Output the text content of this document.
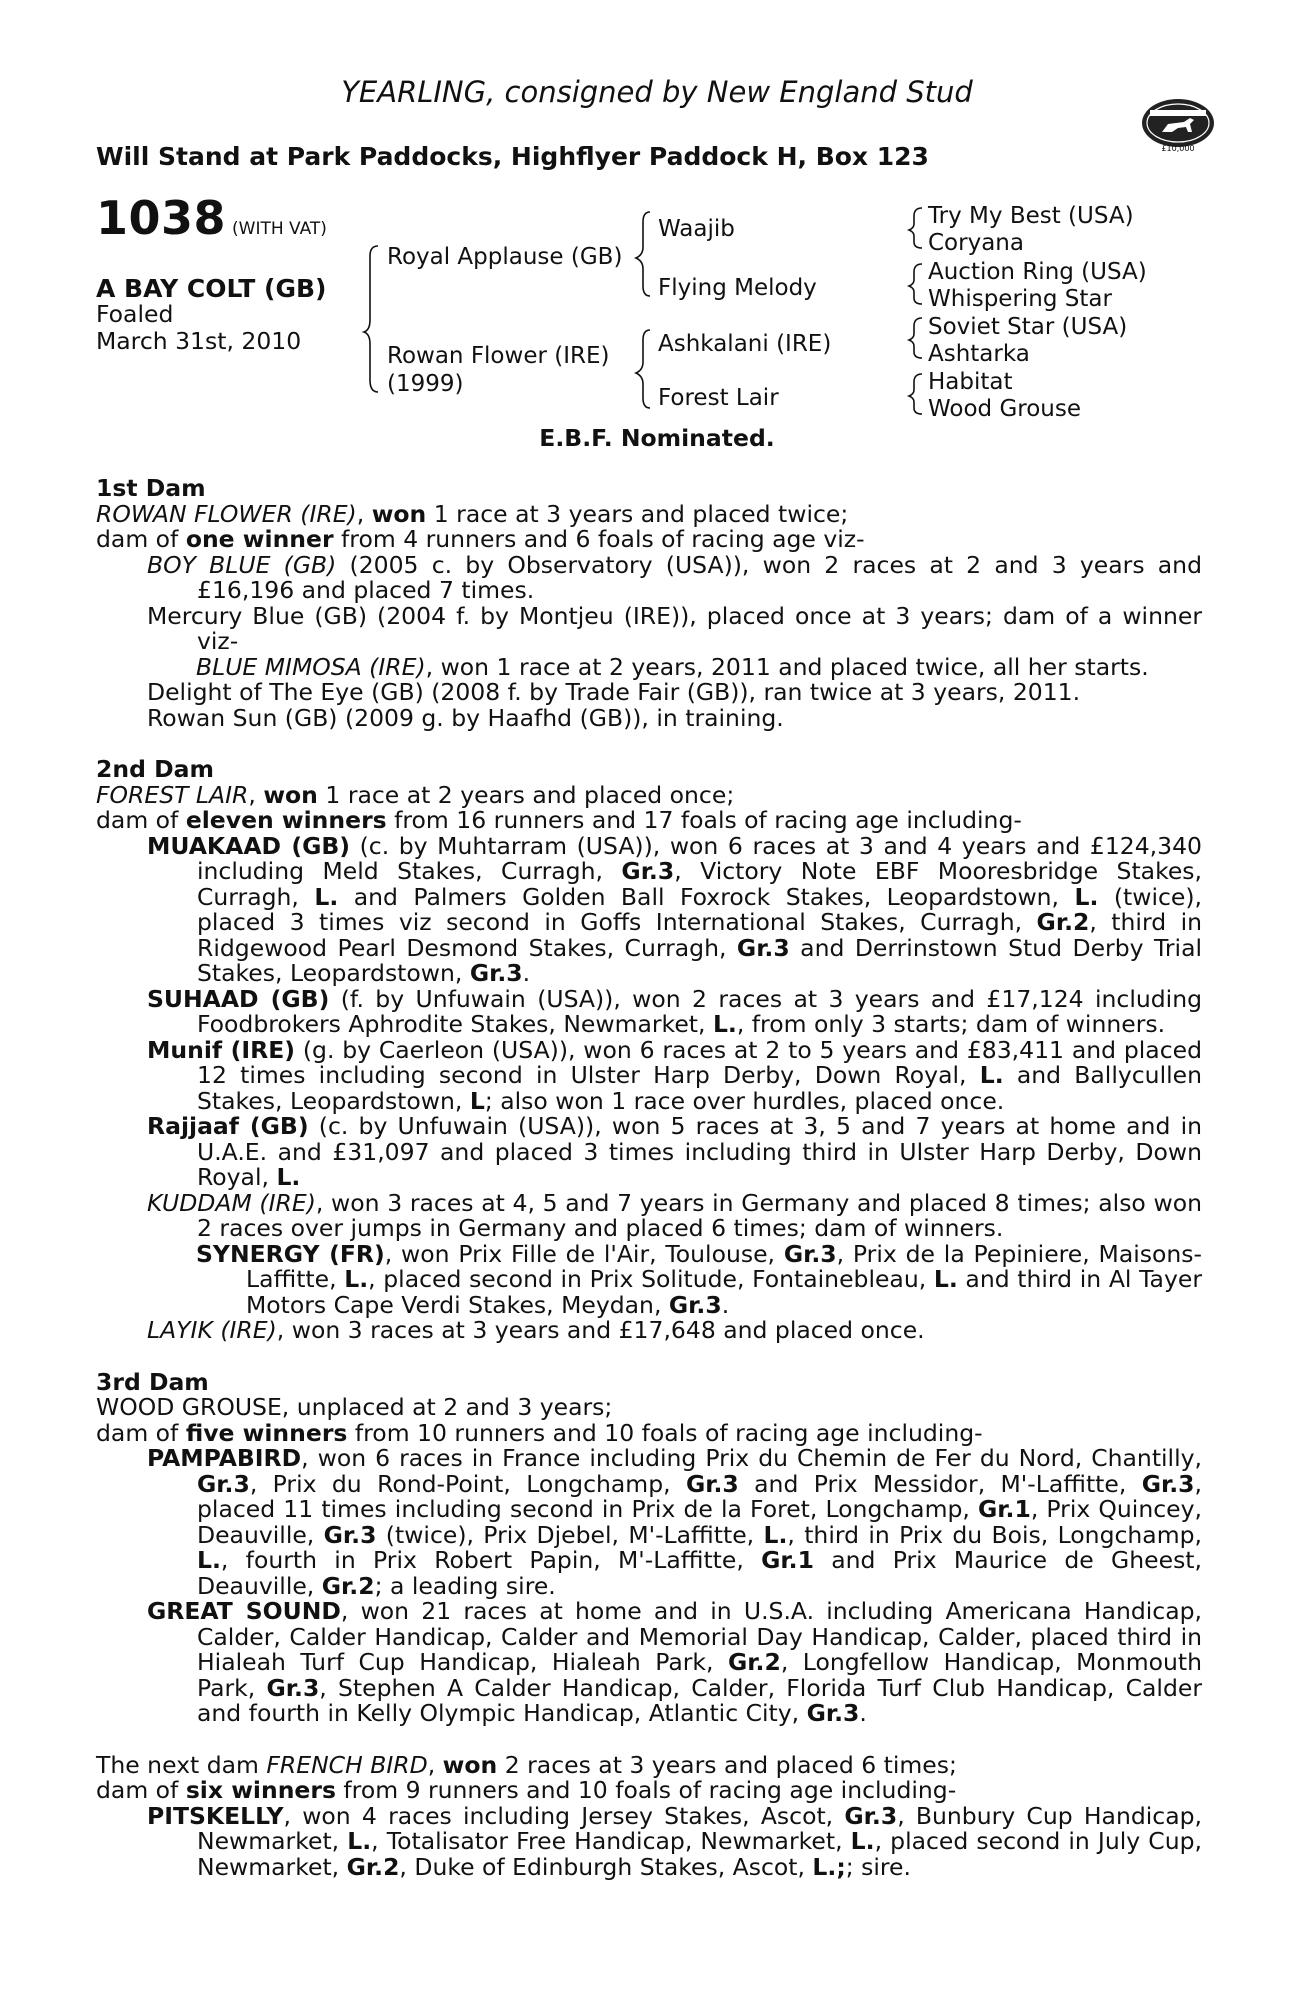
YEARLING, consigned by New England Stud
Will Stand at Park Paddocks, Highflyer Paddock H, Box 123	£10,000
1038 (WITH VAT)
A BAY COLT (GB)
Foaled
March 31st, 2010
Royal Applause (GB)
Rowan Flower (IRE)
(1999)
Waajib
Flying Melody
Ashkalani (IRE)
Forest Lair
Try My Best (USA)
Coryana
Auction Ring (USA)
Whispering Star
Soviet Star (USA)
Ashtarka
Habitat
Wood Grouse
E.B.F. Nominated.
1st Dam
ROWAN FLOWER (IRE), won 1 race at 3 years and placed twice;
dam of one winner from 4 runners and 6 foals of racing age viz-
BOY BLUE (GB) (2005 c. by Observatory (USA)), won 2 races at 2 and 3 years and £16,196 and placed 7 times.
Mercury Blue (GB) (2004 f. by Montjeu (IRE)), placed once at 3 years; dam of a winner viz-
BLUE MIMOSA (IRE), won 1 race at 2 years, 2011 and placed twice, all her starts.
Delight of The Eye (GB) (2008 f. by Trade Fair (GB)), ran twice at 3 years, 2011.
Rowan Sun (GB) (2009 g. by Haafhd (GB)), in training.
2nd Dam
FOREST LAIR, won 1 race at 2 years and placed once;
dam of eleven winners from 16 runners and 17 foals of racing age including-
MUAKAAD (GB) (c. by Muhtarram (USA)), won 6 races at 3 and 4 years and £124,340 including Meld Stakes, Curragh, Gr.3, Victory Note EBF Mooresbridge Stakes, Curragh, L. and Palmers Golden Ball Foxrock Stakes, Leopardstown, L. (twice), placed 3 times viz second in Goffs International Stakes, Curragh, Gr.2, third in Ridgewood Pearl Desmond Stakes, Curragh, Gr.3 and Derrinstown Stud Derby Trial Stakes, Leopardstown, Gr.3.
SUHAAD (GB) (f. by Unfuwain (USA)), won 2 races at 3 years and £17,124 including Foodbrokers Aphrodite Stakes, Newmarket, L., from only 3 starts; dam of winners.
Munif (IRE) (g. by Caerleon (USA)), won 6 races at 2 to 5 years and £83,411 and placed 12 times including second in Ulster Harp Derby, Down Royal, L. and Ballycullen Stakes, Leopardstown, L; also won 1 race over hurdles, placed once.
Rajjaaf (GB) (c. by Unfuwain (USA)), won 5 races at 3, 5 and 7 years at home and in U.A.E. and £31,097 and placed 3 times including third in Ulster Harp Derby, Down Royal, L.
KUDDAM (IRE), won 3 races at 4, 5 and 7 years in Germany and placed 8 times; also won 2 races over jumps in Germany and placed 6 times; dam of winners.
SYNERGY (FR), won Prix Fille de l'Air, Toulouse, Gr.3, Prix de la Pepiniere, Maisons-Laffitte, L., placed second in Prix Solitude, Fontainebleau, L. and third in Al Tayer Motors Cape Verdi Stakes, Meydan, Gr.3.
LAYIK (IRE), won 3 races at 3 years and £17,648 and placed once.
3rd Dam
WOOD GROUSE, unplaced at 2 and 3 years;
dam of five winners from 10 runners and 10 foals of racing age including-
PAMPABIRD, won 6 races in France including Prix du Chemin de Fer du Nord, Chantilly, Gr.3, Prix du Rond-Point, Longchamp, Gr.3 and Prix Messidor, M'-Laffitte, Gr.3, placed 11 times including second in Prix de la Foret, Longchamp, Gr.1, Prix Quincey, Deauville, Gr.3 (twice), Prix Djebel, M'-Laffitte, L., third in Prix du Bois, Longchamp, L., fourth in Prix Robert Papin, M'-Laffitte, Gr.1 and Prix Maurice de Gheest, Deauville, Gr.2; a leading sire.
GREAT SOUND, won 21 races at home and in U.S.A. including Americana Handicap, Calder, Calder Handicap, Calder and Memorial Day Handicap, Calder, placed third in Hialeah Turf Cup Handicap, Hialeah Park, Gr.2, Longfellow Handicap, Monmouth Park, Gr.3, Stephen A Calder Handicap, Calder, Florida Turf Club Handicap, Calder and fourth in Kelly Olympic Handicap, Atlantic City, Gr.3.
The next dam FRENCH BIRD, won 2 races at 3 years and placed 6 times;
dam of six winners from 9 runners and 10 foals of racing age including-
PITSKELLY, won 4 races including Jersey Stakes, Ascot, Gr.3, Bunbury Cup Handicap, Newmarket, L., Totalisator Free Handicap, Newmarket, L., placed second in July Cup, Newmarket, Gr.2, Duke of Edinburgh Stakes, Ascot, L.;; sire.
